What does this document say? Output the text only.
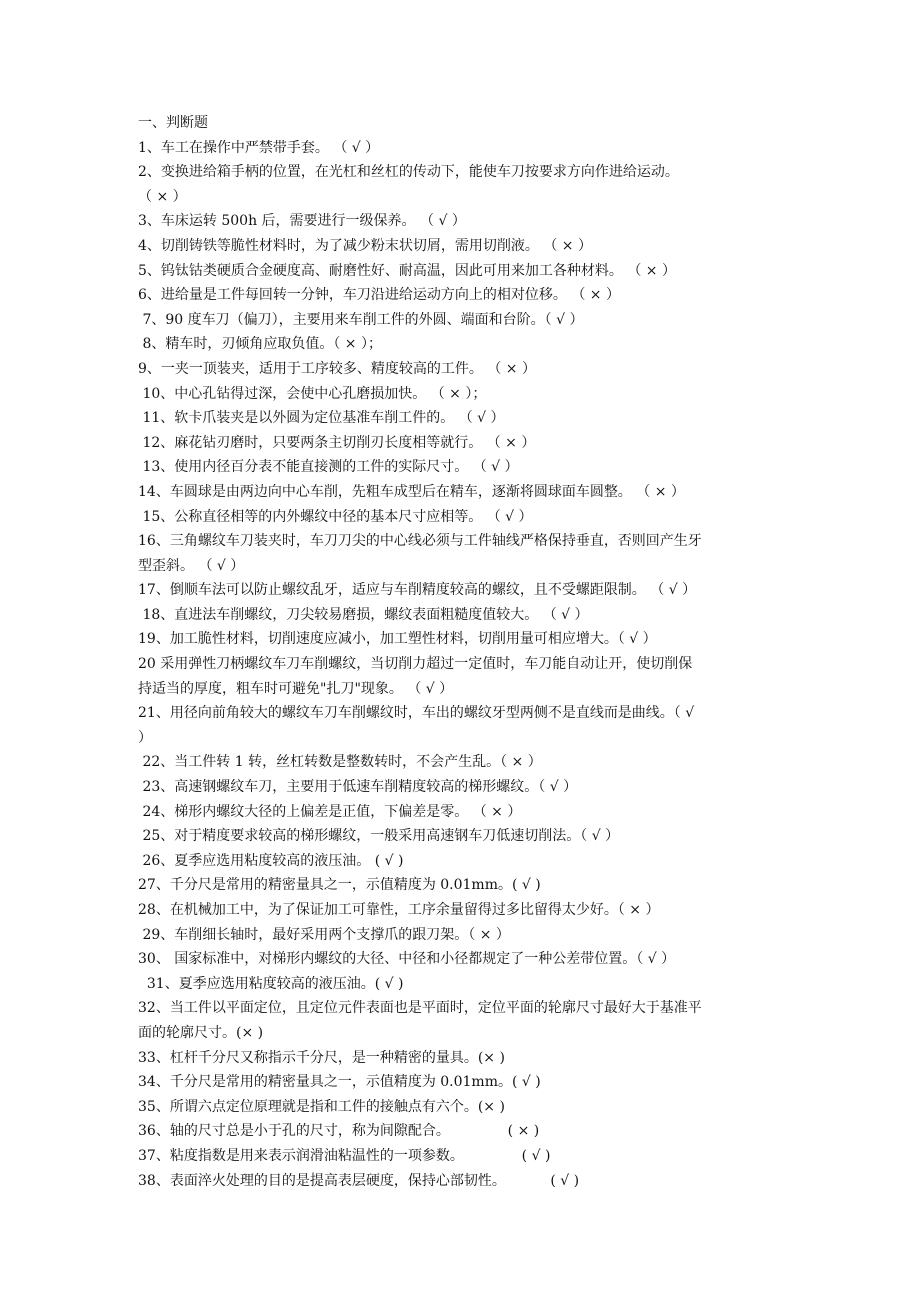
一、判断题
1、车工在操作中严禁带手套。 （ √ ）
2、变换进给箱手柄的位置，在光杠和丝杠的传动下，能使车刀按要求方向作进给运动。
（ × ）
3、车床运转 500h 后，需要进行一级保养。 （ √ ）
4、切削铸铁等脆性材料时，为了减少粉末状切屑，需用切削液。 （ × ）
5、钨钛钴类硬质合金硬度高、耐磨性好、耐高温，因此可用来加工各种材料。 （ × ）
6、进给量是工件每回转一分钟，车刀沿进给运动方向上的相对位移。 （ × ）
7、90 度车刀（偏刀），主要用来车削工件的外圆、端面和台阶。（ √ ）
8、精车时，刃倾角应取负值。（ × ）；
9、一夹一顶装夹，适用于工序较多、精度较高的工件。 （ × ）
10、中心孔钻得过深，会使中心孔磨损加快。 （ × ）；
11、软卡爪装夹是以外圆为定位基准车削工件的。 （ √ ）
12、麻花钻刃磨时，只要两条主切削刃长度相等就行。 （ × ）
13、使用内径百分表不能直接测的工件的实际尺寸。 （ √ ）
14、车圆球是由两边向中心车削，先粗车成型后在精车，逐渐将圆球面车圆整。 （ × ）
15、公称直径相等的内外螺纹中径的基本尺寸应相等。 （ √ ）
16、三角螺纹车刀装夹时，车刀刀尖的中心线必须与工件轴线严格保持垂直，否则回产生牙
型歪斜。 （ √ ）
17、倒顺车法可以防止螺纹乱牙，适应与车削精度较高的螺纹，且不受螺距限制。 （ √ ）
18、直进法车削螺纹，刀尖较易磨损，螺纹表面粗糙度值较大。 （ √ ）
19、加工脆性材料，切削速度应减小，加工塑性材料，切削用量可相应增大。（ √ ）
20 采用弹性刀柄螺纹车刀车削螺纹，当切削力超过一定值时，车刀能自动让开，使切削保
持适当的厚度，粗车时可避免"扎刀"现象。 （ √ ）
21、用径向前角较大的螺纹车刀车削螺纹时，车出的螺纹牙型两侧不是直线而是曲线。（ √
）
22、当工件转 1 转，丝杠转数是整数转时，不会产生乱。（ × ）
23、高速钢螺纹车刀，主要用于低速车削精度较高的梯形螺纹。（ √ ）
24、梯形内螺纹大径的上偏差是正值，下偏差是零。 （ × ）
25、对于精度要求较高的梯形螺纹，一般采用高速钢车刀低速切削法。（ √ ）
26、夏季应选用粘度较高的液压油。 ( √ )
27、千分尺是常用的精密量具之一，示值精度为 0.01mm。( √ )
28、在机械加工中，为了保证加工可靠性，工序余量留得过多比留得太少好。（ × ）
29、车削细长轴时，最好采用两个支撑爪的跟刀架。（ × ）
30、 国家标准中，对梯形内螺纹的大径、中径和小径都规定了一种公差带位置。（ √ ）
31、夏季应选用粘度较高的液压油。( √ )
32、当工件以平面定位，且定位元件表面也是平面时，定位平面的轮廓尺寸最好大于基准平
面的轮廓尺寸。(× )
33、杠杆千分尺又称指示千分尺，是一种精密的量具。(× )
34、千分尺是常用的精密量具之一，示值精度为 0.01mm。( √ )
35、所谓六点定位原理就是指和工件的接触点有六个。(× )
36、轴的尺寸总是小于孔的尺寸，称为间隙配合。             ( × )
37、粘度指数是用来表示润滑油粘温性的一项参数。             ( √ )
38、表面淬火处理的目的是提高表层硬度，保持心部韧性。          ( √ )
